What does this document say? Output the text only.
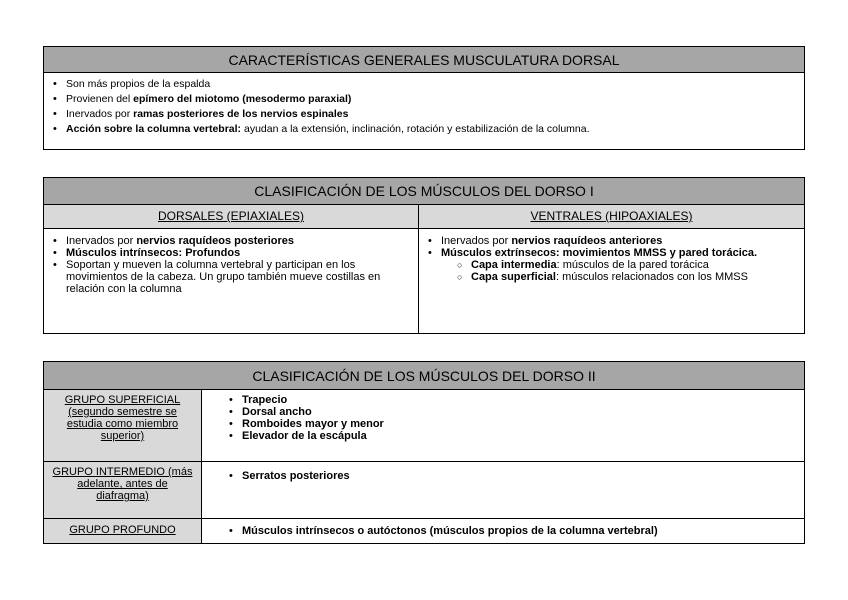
CARACTERÍSTICAS GENERALES MUSCULATURA DORSAL
• Son más propios de la espalda
• Provienen del epímero del miotomo (mesodermo paraxial)
• Inervados por ramas posteriores de los nervios espinales
• Acción sobre la columna vertebral: ayudan a la extensión, inclinación, rotación y estabilización de la columna.
CLASIFICACIÓN DE LOS MÚSCULOS DEL DORSO I
DORSALES (EPIAXIALES)	VENTRALES (HIPOAXIALES)
• Inervados por nervios raquídeos posteriores
• Músculos intrínsecos: Profundos
• Soportan y mueven la columna vertebral y participan en los movimientos de la cabeza. Un grupo también mueve costillas en relación con la columna
• Inervados por nervios raquídeos anteriores
• Músculos extrínsecos: movimientos MMSS y pared torácica.
○ Capa intermedia: músculos de la pared torácica
○ Capa superficial: músculos relacionados con los MMSS
CLASIFICACIÓN DE LOS MÚSCULOS DEL DORSO II
GRUPO SUPERFICIAL (segundo semestre se estudia como miembro superior)
• Trapecio
• Dorsal ancho
• Romboides mayor y menor
• Elevador de la escápula
GRUPO INTERMEDIO (más adelante, antes de diafragma)
• Serratos posteriores
GRUPO PROFUNDO
•	Músculos intrínsecos o autóctonos (músculos propios de la columna vertebral)
